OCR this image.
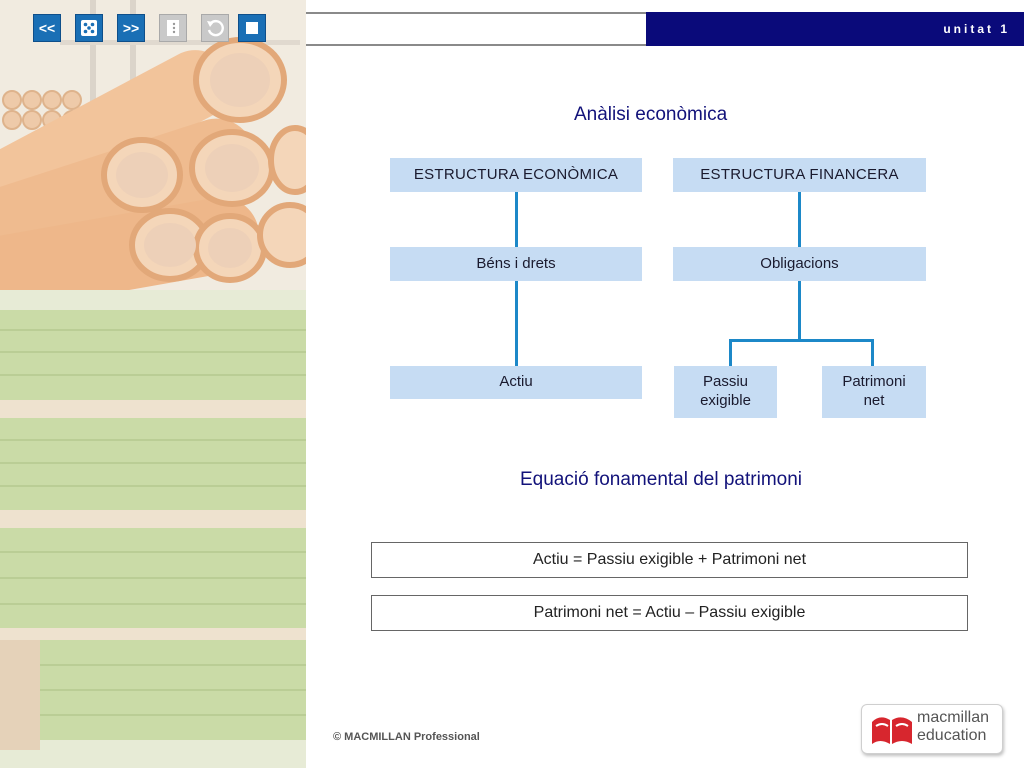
<<	>>	unitat 1
Anàlisi econòmica
Equació fonamental del patrimoni
ESTRUCTURA ECONÒMICA
Béns i drets
Actiu
ESTRUCTURA FINANCERA
Obligacions
Passiu exigible
Patrimoni net
Actiu = Passiu exigible + Patrimoni net
Patrimoni net = Actiu – Passiu exigible
© MACMILLAN Professional
macmillan
education
